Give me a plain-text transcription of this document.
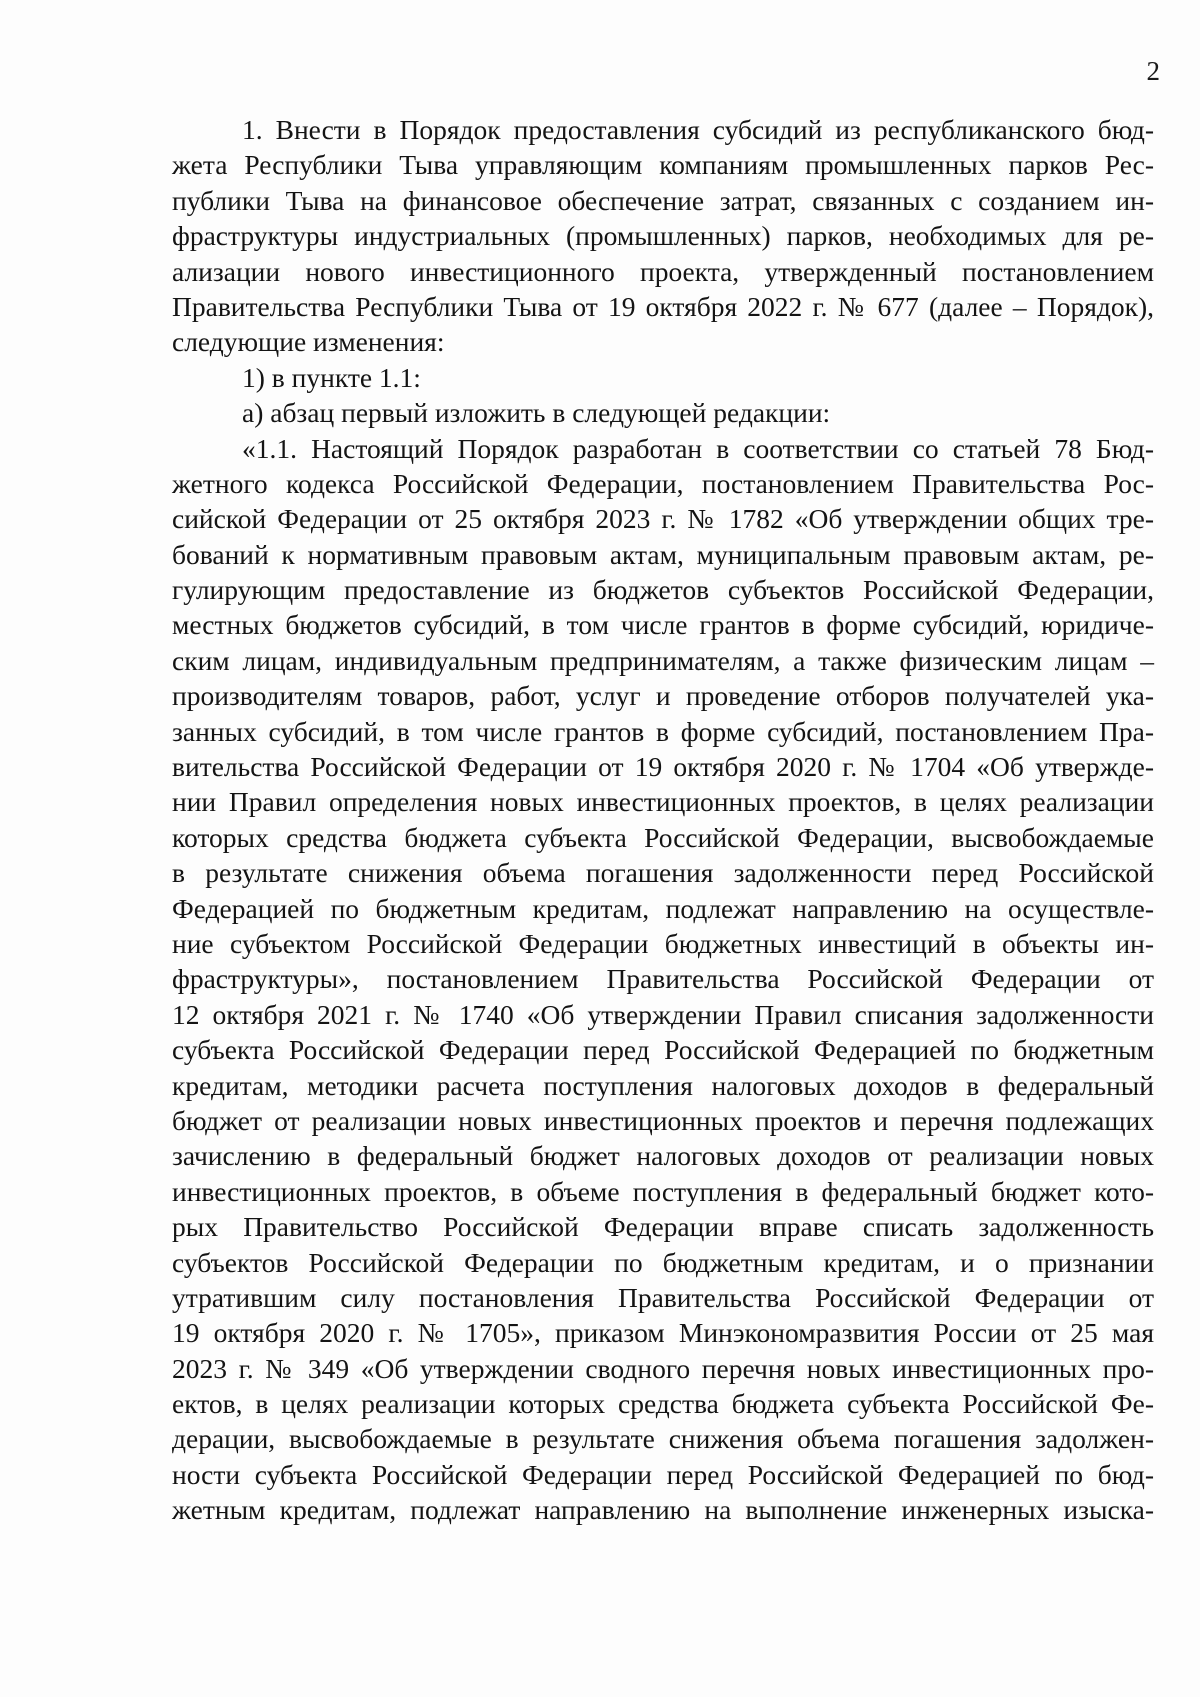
2
1. Внести в Порядок предоставления субсидий из республиканского бюд-
жета Республики Тыва управляющим компаниям промышленных парков Рес-
публики Тыва на финансовое обеспечение затрат, связанных с созданием ин-
фраструктуры индустриальных (промышленных) парков, необходимых для ре-
ализации нового инвестиционного проекта, утвержденный постановлением
Правительства Республики Тыва от 19 октября 2022 г. № 677 (далее – Порядок),
следующие изменения:
1) в пункте 1.1:
а) абзац первый изложить в следующей редакции:
«1.1. Настоящий Порядок разработан в соответствии со статьей 78 Бюд-
жетного кодекса Российской Федерации, постановлением Правительства Рос-
сийской Федерации от 25 октября 2023 г. № 1782 «Об утверждении общих тре-
бований к нормативным правовым актам, муниципальным правовым актам, ре-
гулирующим предоставление из бюджетов субъектов Российской Федерации,
местных бюджетов субсидий, в том числе грантов в форме субсидий, юридиче-
ским лицам, индивидуальным предпринимателям, а также физическим лицам –
производителям товаров, работ, услуг и проведение отборов получателей ука-
занных субсидий, в том числе грантов в форме субсидий, постановлением Пра-
вительства Российской Федерации от 19 октября 2020 г. № 1704 «Об утвержде-
нии Правил определения новых инвестиционных проектов, в целях реализации
которых средства бюджета субъекта Российской Федерации, высвобождаемые
в результате снижения объема погашения задолженности перед Российской
Федерацией по бюджетным кредитам, подлежат направлению на осуществле-
ние субъектом Российской Федерации бюджетных инвестиций в объекты ин-
фраструктуры», постановлением Правительства Российской Федерации от
12 октября 2021 г. № 1740 «Об утверждении Правил списания задолженности
субъекта Российской Федерации перед Российской Федерацией по бюджетным
кредитам, методики расчета поступления налоговых доходов в федеральный
бюджет от реализации новых инвестиционных проектов и перечня подлежащих
зачислению в федеральный бюджет налоговых доходов от реализации новых
инвестиционных проектов, в объеме поступления в федеральный бюджет кото-
рых Правительство Российской Федерации вправе списать задолженность
субъектов Российской Федерации по бюджетным кредитам, и о признании
утратившим силу постановления Правительства Российской Федерации от
19 октября 2020 г. № 1705», приказом Минэкономразвития России от 25 мая
2023 г. № 349 «Об утверждении сводного перечня новых инвестиционных про-
ектов, в целях реализации которых средства бюджета субъекта Российской Фе-
дерации, высвобождаемые в результате снижения объема погашения задолжен-
ности субъекта Российской Федерации перед Российской Федерацией по бюд-
жетным кредитам, подлежат направлению на выполнение инженерных изыска-
